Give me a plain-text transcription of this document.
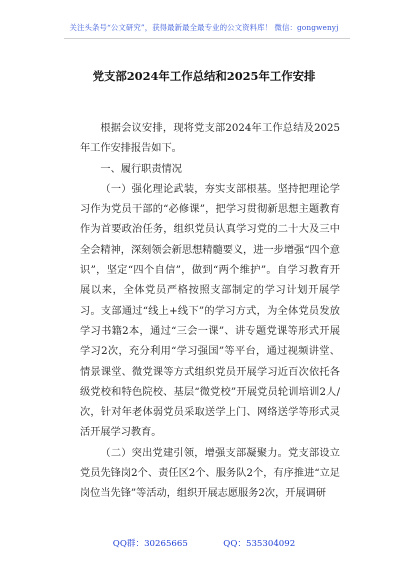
关注头条号“公文研究”，获得最新最全最专业的公文资料库！ 微信：gongwenyj
党支部2024年工作总结和2025年工作安排

根据会议安排，现将党支部2024年工作总结及2025年工作安排报告如下。

一、履行职责情况

（一）强化理论武装，夯实支部根基。坚持把理论学习作为党员干部的“必修课”，把学习贯彻新思想主题教育作为首要政治任务，组织党员认真学习党的二十大及三中全会精神，深刻领会新思想精髓要义，进一步增强“四个意识”，坚定“四个自信”，做到“两个维护”。自学习教育开展以来，全体党员严格按照支部制定的学习计划开展学习。支部通过“线上+线下”的学习方式，为全体党员发放学习书籍2本，通过“三会一课”、讲专题党课等形式开展学习2次，充分利用“学习强国”等平台，通过视频讲堂、情景课堂、微党课等方式组织党员开展学习近百次依托各级党校和特色院校、基层“微党校”开展党员轮训培训2人/次，针对年老体弱党员采取送学上门、网络送学等形式灵活开展学习教育。

（二）突出党建引领，增强支部凝聚力。党支部设立党员先锋岗2个、责任区2个、服务队2个，有序推进“立足岗位当先锋”等活动，组织开展志愿服务2次，开展调研

QQ群：30265665	QQ：535304092
